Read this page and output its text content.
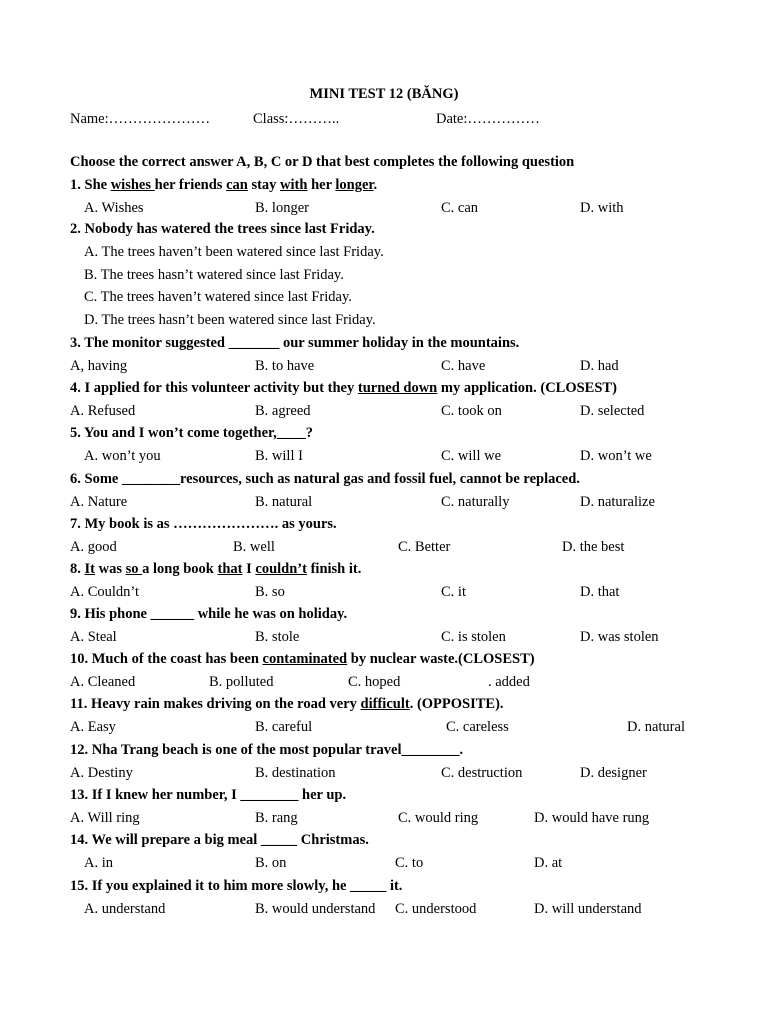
MINI TEST 12 (BĂNG)
Name:…………………	Class:………..	Date:……………
Choose the correct answer A, B, C or D that best completes the following question
1. She wishes her friends can stay with her longer.
A. Wishes	B. longer	C. can	D. with
2. Nobody has watered the trees since last Friday.
A. The trees haven’t been watered since last Friday.
B. The trees hasn’t watered since last Friday.
C. The trees haven’t watered since last Friday.
D. The trees hasn’t been watered since last Friday.
3. The monitor suggested _______ our summer holiday in the mountains.
A, having	B. to have	C. have	D. had
4. I applied for this volunteer activity but they turned down my application. (CLOSEST)
A. Refused	B. agreed	C. took on	D. selected
5. You and I won’t come together,____?
A. won’t you	B. will I	C. will we	D. won’t we
6. Some ________resources, such as natural gas and fossil fuel, cannot be replaced.
A. Nature	B. natural	C. naturally	D. naturalize
7. My book is as …………………. as yours.
A. good	B. well	C. Better	D. the best
8. It was so a long book that I couldn’t finish it.
A. Couldn’t	B. so	C. it	D. that
9. His phone ______ while he was on holiday.
A. Steal	B. stole	C. is stolen	D. was stolen
10. Much of the coast has been contaminated by nuclear waste.(CLOSEST)
A. Cleaned	B. polluted	C. hoped	. added
11. Heavy rain makes driving on the road very difficult. (OPPOSITE).
A. Easy	B. careful	C. careless	D. natural
12. Nha Trang beach is one of the most popular travel________.
A. Destiny	B. destination	C. destruction	D. designer
13. If I knew her number, I ________ her up.
A. Will ring	B. rang	C. would ring	D. would have rung
14. We will prepare a big meal _____ Christmas.
A. in	B. on	C. to	D. at
15. If you explained it to him more slowly, he _____ it.
A. understand	B. would understand C. understood	D. will understand
